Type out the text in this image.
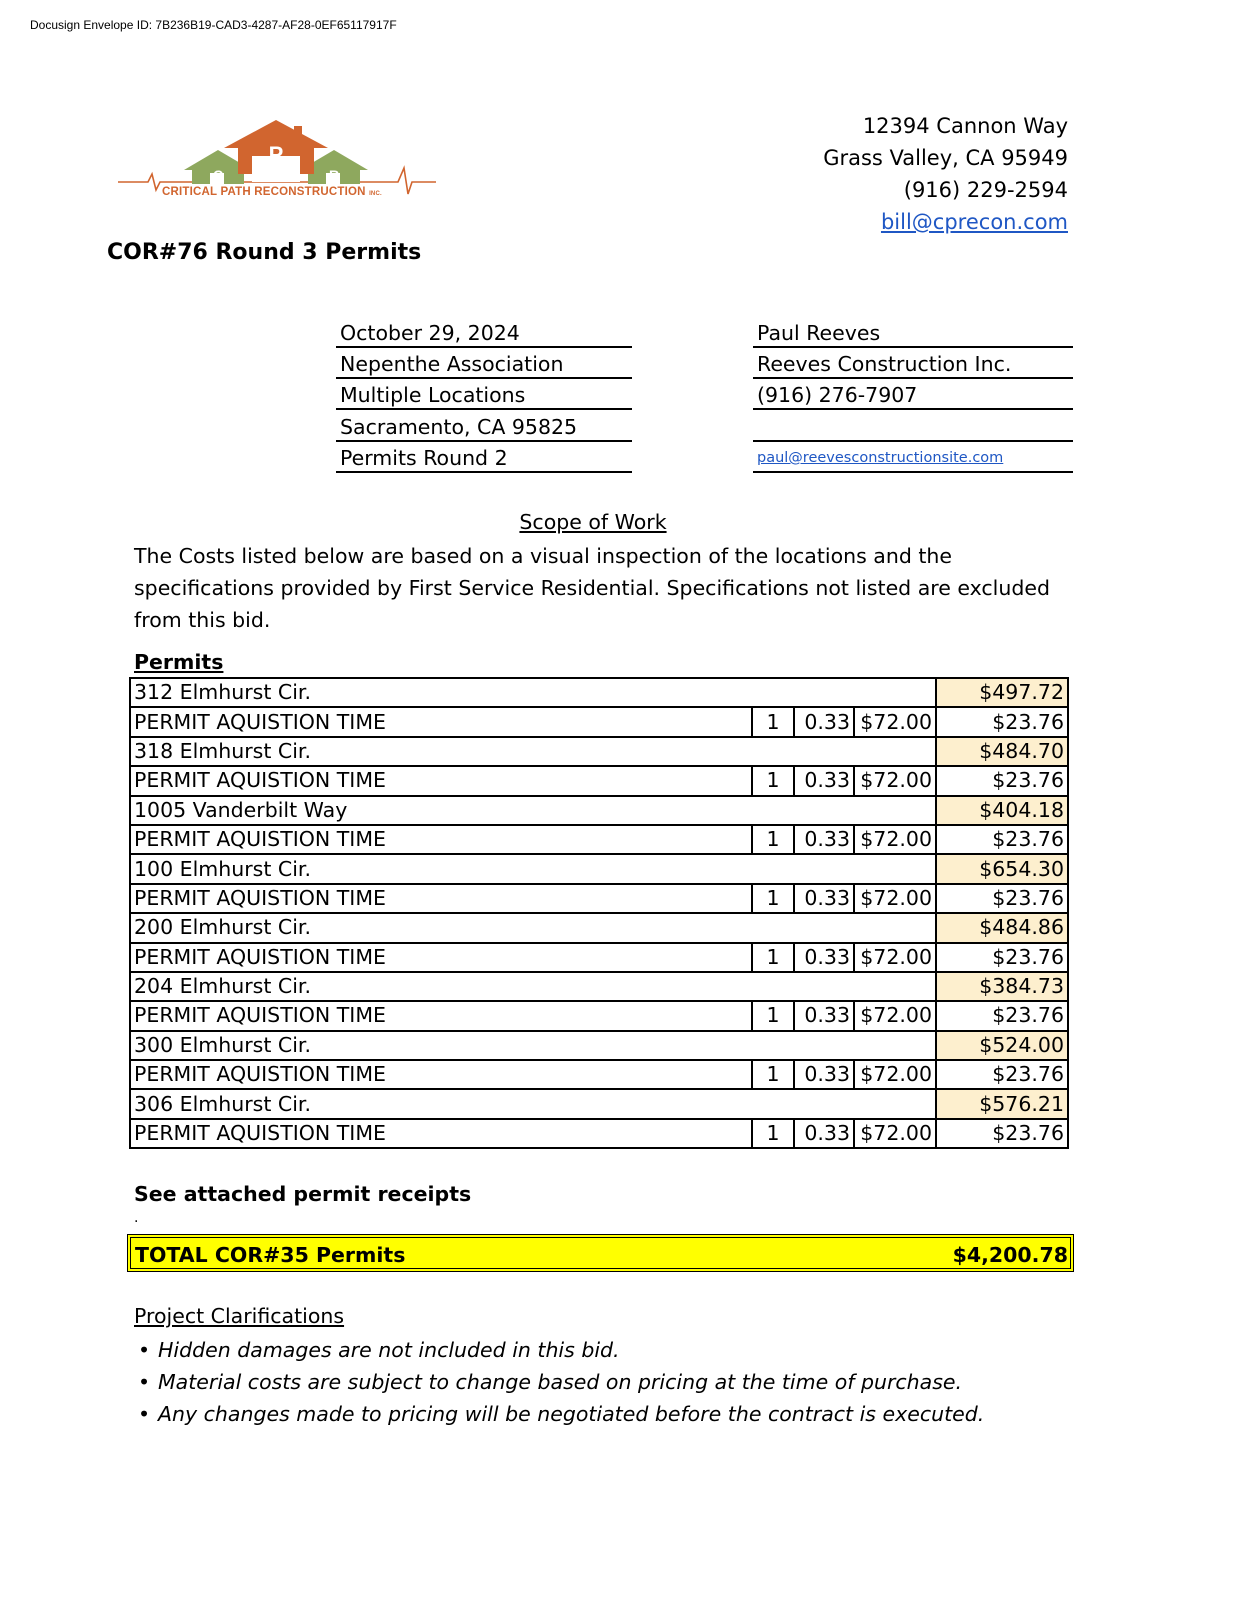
Docusign Envelope ID: 7B236B19-CAD3-4287-AF28-0EF65117917F
P
C	R
CRITICAL PATH RECONSTRUCTION INC.
12394 Cannon Way
Grass Valley, CA 95949
(916) 229-2594
bill@cprecon.com
COR#76 Round 3 Permits
October 29, 2024
Nepenthe Association
Multiple Locations
Sacramento, CA 95825
Permits Round 2
Paul Reeves
Reeves Construction Inc.
(916) 276-7907
paul@reevesconstructionsite.com
Scope of Work
The Costs listed below are based on a visual inspection of the locations and the specifications provided by First Service Residential. Specifications not listed are excluded from this bid.
Permits
312 Elmhurst Cir.				$497.72
PERMIT AQUISTION TIME	1	0.33	$72.00	$23.76
318 Elmhurst Cir.				$484.70
PERMIT AQUISTION TIME	1	0.33	$72.00	$23.76
1005 Vanderbilt Way				$404.18
PERMIT AQUISTION TIME	1	0.33	$72.00	$23.76
100 Elmhurst Cir.				$654.30
PERMIT AQUISTION TIME	1	0.33	$72.00	$23.76
200 Elmhurst Cir.				$484.86
PERMIT AQUISTION TIME	1	0.33	$72.00	$23.76
204 Elmhurst Cir.				$384.73
PERMIT AQUISTION TIME	1	0.33	$72.00	$23.76
300 Elmhurst Cir.				$524.00
PERMIT AQUISTION TIME	1	0.33	$72.00	$23.76
306 Elmhurst Cir.				$576.21
PERMIT AQUISTION TIME	1	0.33	$72.00	$23.76
See attached permit receipts
.
TOTAL COR#35 Permits	$4,200.78
Project Clarifications
• Hidden damages are not included in this bid.
• Material costs are subject to change based on pricing at the time of purchase.
• Any changes made to pricing will be negotiated before the contract is executed.
